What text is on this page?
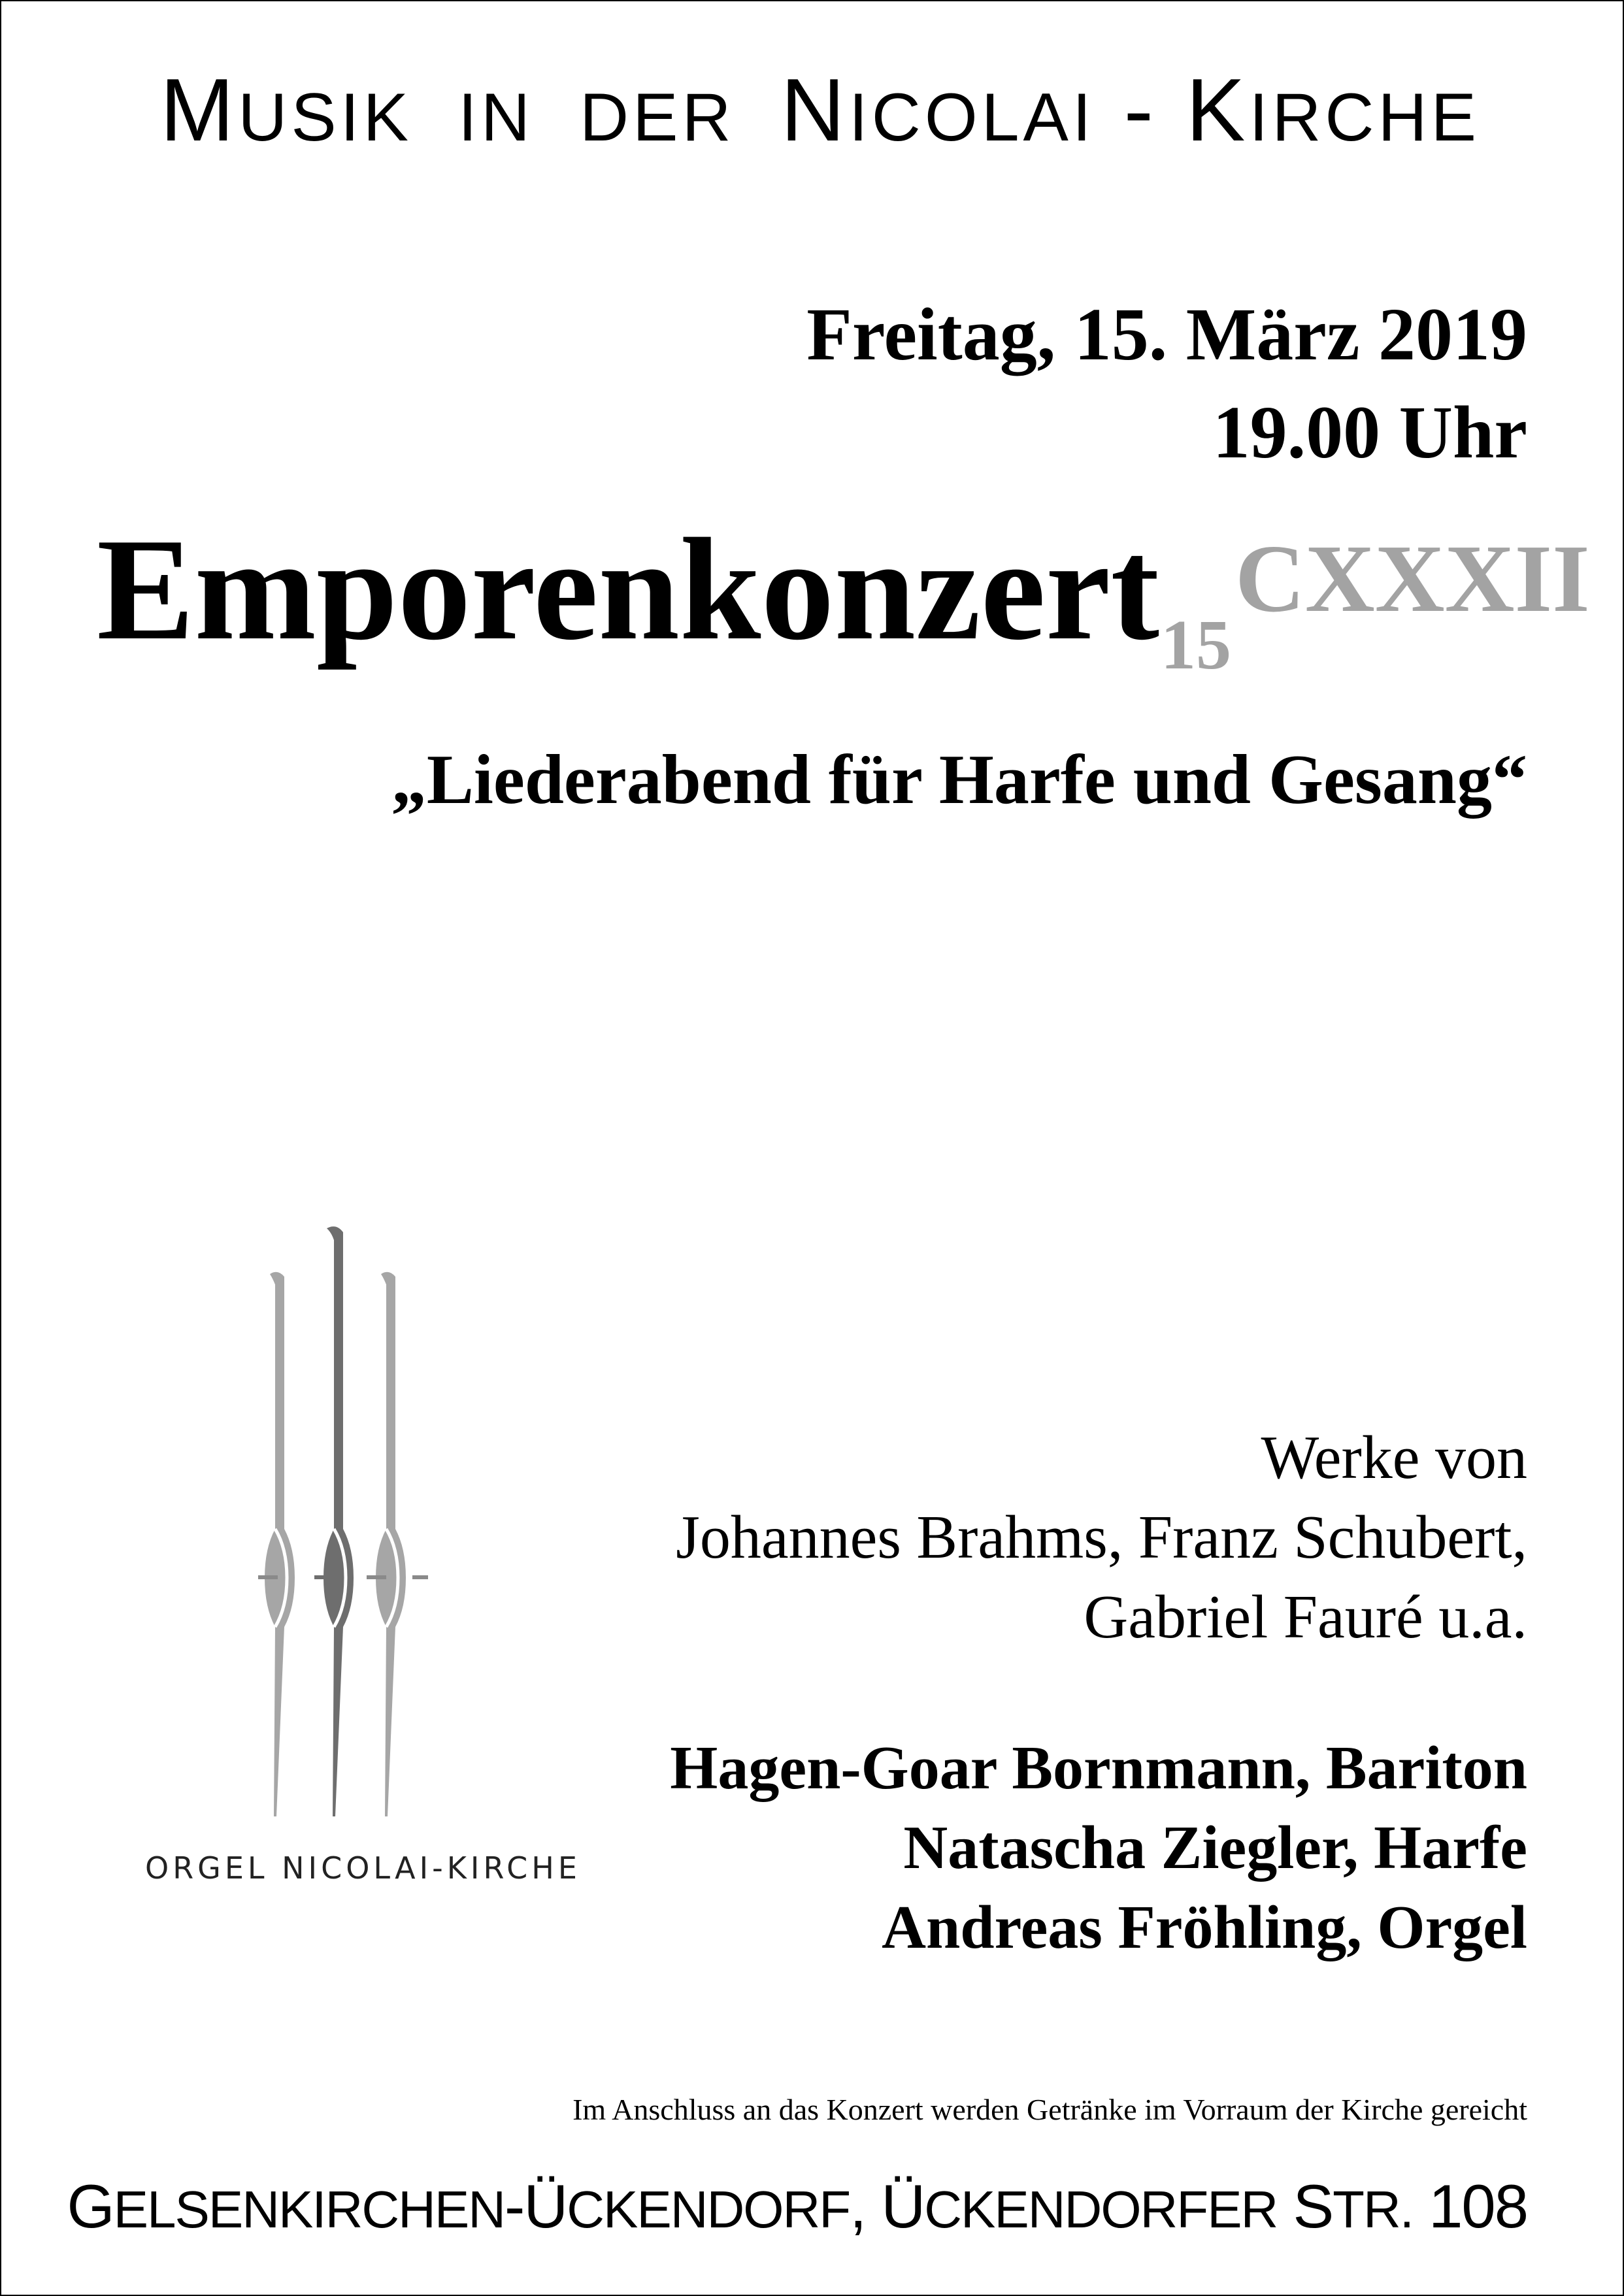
MUSIK IN DER NICOLAI - KIRCHE
Freitag, 15. März 2019
19.00 Uhr
Emporenkonzert15
CXXXII
„Liederabend für Harfe und Gesang“
ORGEL NICOLAI-KIRCHE
Werke von
Johannes Brahms, Franz Schubert,
Gabriel Fauré u.a.
Hagen-Goar Bornmann, Bariton
Natascha Ziegler, Harfe
Andreas Fröhling, Orgel
Im Anschluss an das Konzert werden Getränke im Vorraum der Kirche gereicht
GELSENKIRCHEN-ÜCKENDORF, ÜCKENDORFER STR. 108
